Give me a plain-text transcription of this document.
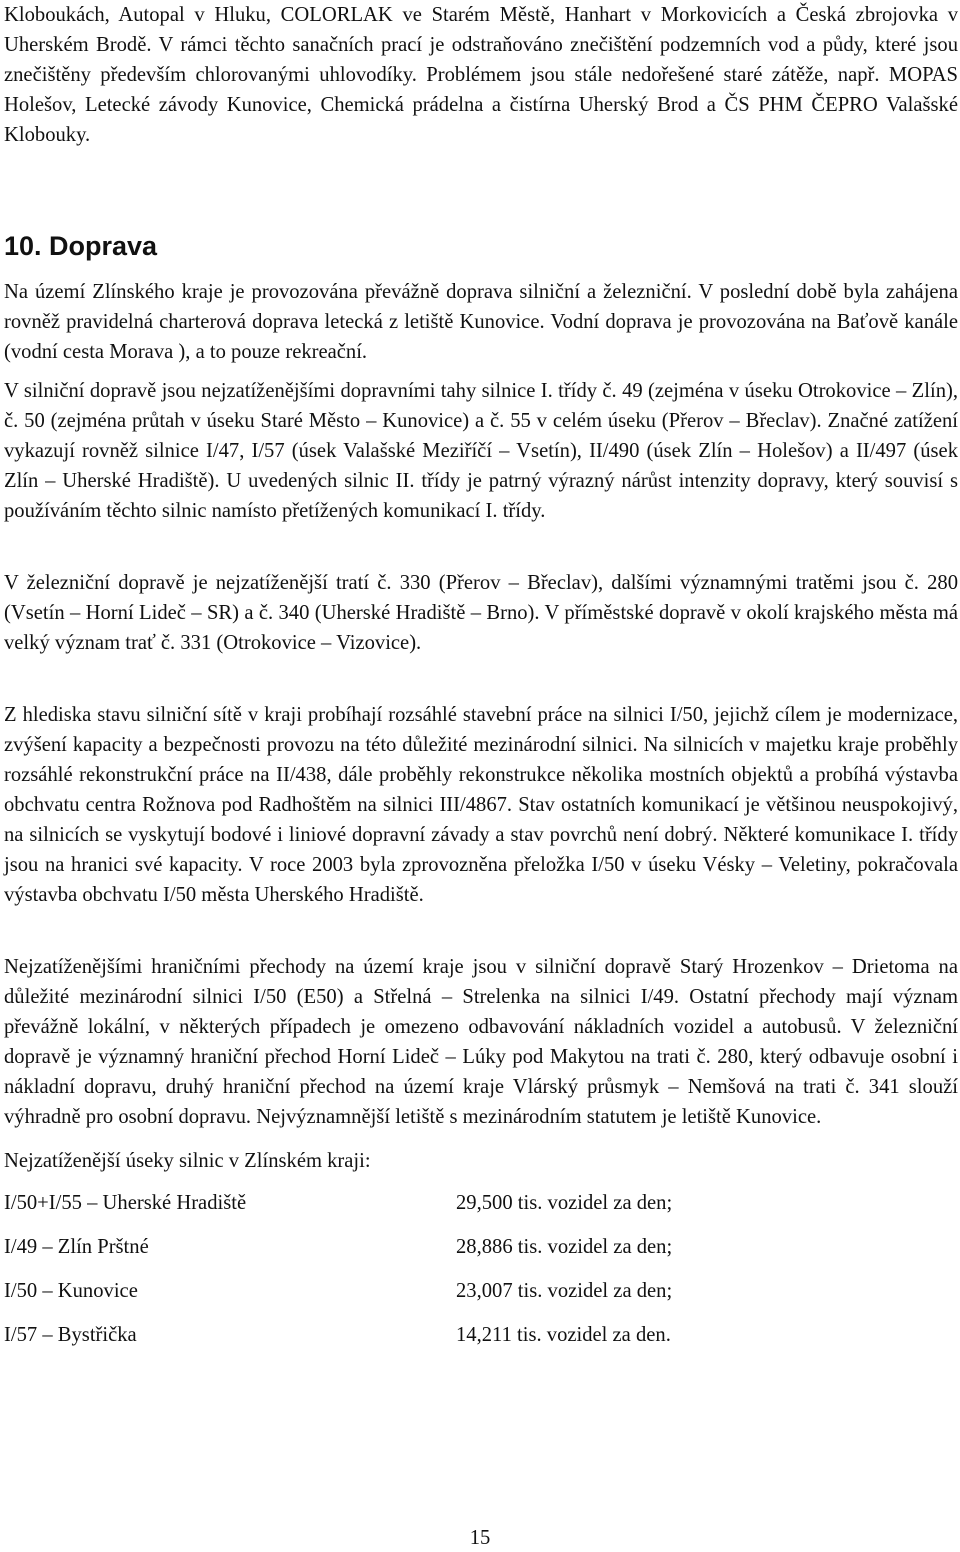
Kloboukách, Autopal v Hluku, COLORLAK ve Starém Městě, Hanhart v Morkovicích a Česká zbrojovka v Uherském Brodě. V rámci těchto sanačních prací je odstraňováno znečištění podzemních vod a půdy, které jsou znečištěny především chlorovanými uhlovodíky. Problémem jsou stále nedořešené staré zátěže, např. MOPAS Holešov, Letecké závody Kunovice, Chemická prádelna a čistírna Uherský Brod a ČS PHM ČEPRO Valašské Klobouky.

10. Doprava

Na území Zlínského kraje je provozována převážně doprava silniční a železniční. V poslední době byla zahájena rovněž pravidelná charterová doprava letecká z letiště Kunovice. Vodní doprava je provozována na Baťově kanále (vodní cesta Morava ), a to pouze rekreační.

V silniční dopravě jsou nejzatíženějšími dopravními tahy silnice I. třídy č. 49 (zejména v úseku Otrokovice – Zlín), č. 50 (zejména průtah v úseku Staré Město – Kunovice) a č. 55 v celém úseku (Přerov – Břeclav). Značné zatížení vykazují rovněž silnice I/47, I/57 (úsek Valašské Meziříčí – Vsetín), II/490 (úsek Zlín – Holešov) a II/497 (úsek Zlín – Uherské Hradiště). U uvedených silnic II. třídy je patrný výrazný nárůst intenzity dopravy, který souvisí s používáním těchto silnic namísto přetížených komunikací I. třídy.

V železniční dopravě je nejzatíženější tratí č. 330 (Přerov – Břeclav), dalšími významnými tratěmi jsou č. 280 (Vsetín – Horní Lideč – SR) a č. 340 (Uherské Hradiště – Brno). V příměstské dopravě v okolí krajského města má velký význam trať č. 331 (Otrokovice – Vizovice).

Z hlediska stavu silniční sítě v kraji probíhají rozsáhlé stavební práce na silnici I/50, jejichž cílem je modernizace, zvýšení kapacity a bezpečnosti provozu na této důležité mezinárodní silnici. Na silnicích v majetku kraje proběhly rozsáhlé rekonstrukční práce na II/438, dále proběhly rekonstrukce několika mostních objektů a probíhá výstavba obchvatu centra Rožnova pod Radhoštěm na silnici III/4867. Stav ostatních komunikací je většinou neuspokojivý, na silnicích se vyskytují bodové i liniové dopravní závady a stav povrchů není dobrý. Některé komunikace I. třídy jsou na hranici své kapacity. V roce 2003 byla zprovozněna přeložka I/50 v úseku Vésky – Veletiny, pokračovala výstavba obchvatu I/50 města Uherského Hradiště.

Nejzatíženějšími hraničními přechody na území kraje jsou v silniční dopravě Starý Hrozenkov – Drietoma na důležité mezinárodní silnici I/50 (E50) a Střelná – Strelenka na silnici I/49. Ostatní přechody mají význam převážně lokální, v některých případech je omezeno odbavování nákladních vozidel a autobusů. V železniční dopravě je významný hraniční přechod Horní Lideč – Lúky pod Makytou na trati č. 280, který odbavuje osobní i nákladní dopravu, druhý hraniční přechod na území kraje Vlárský průsmyk – Nemšová na trati č. 341 slouží výhradně pro osobní dopravu. Nejvýznamnější letiště s mezinárodním statutem je letiště Kunovice.

Nejzatíženější úseky silnic v Zlínském kraji:

I/50+I/55 – Uherské Hradiště	29,500 tis. vozidel za den;
I/49 – Zlín Prštné	28,886 tis. vozidel za den;
I/50 – Kunovice	23,007 tis. vozidel za den;
I/57 – Bystřička	14,211 tis. vozidel za den.
15
